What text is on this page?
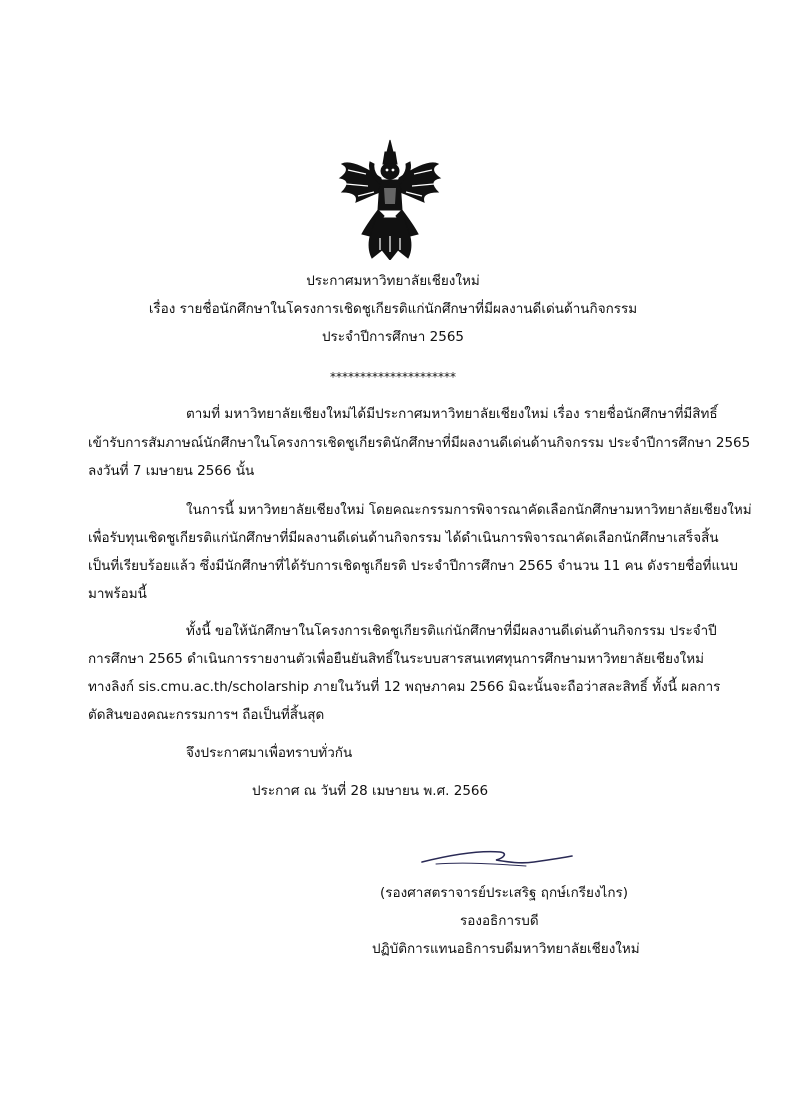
ประกาศมหาวิทยาลัยเชียงใหม่
เรื่อง รายชื่อนักศึกษาในโครงการเชิดชูเกียรติแก่นักศึกษาที่มีผลงานดีเด่นด้านกิจกรรม
ประจำปีการศึกษา 2565
*********************
ตามที่ มหาวิทยาลัยเชียงใหม่ได้มีประกาศมหาวิทยาลัยเชียงใหม่ เรื่อง รายชื่อนักศึกษาที่มีสิทธิ์
เข้ารับการสัมภาษณ์นักศึกษาในโครงการเชิดชูเกียรตินักศึกษาที่มีผลงานดีเด่นด้านกิจกรรม ประจำปีการศึกษา 2565
ลงวันที่ 7 เมษายน 2566 นั้น
ในการนี้ มหาวิทยาลัยเชียงใหม่ โดยคณะกรรมการพิจารณาคัดเลือกนักศึกษามหาวิทยาลัยเชียงใหม่
เพื่อรับทุนเชิดชูเกียรติแก่นักศึกษาที่มีผลงานดีเด่นด้านกิจกรรม ได้ดำเนินการพิจารณาคัดเลือกนักศึกษาเสร็จสิ้น
เป็นที่เรียบร้อยแล้ว ซึ่งมีนักศึกษาที่ได้รับการเชิดชูเกียรติ ประจำปีการศึกษา 2565 จำนวน 11 คน ดังรายชื่อที่แนบ
มาพร้อมนี้
ทั้งนี้ ขอให้นักศึกษาในโครงการเชิดชูเกียรติแก่นักศึกษาที่มีผลงานดีเด่นด้านกิจกรรม ประจำปี
การศึกษา 2565 ดำเนินการรายงานตัวเพื่อยืนยันสิทธิ์ในระบบสารสนเทศทุนการศึกษามหาวิทยาลัยเชียงใหม่
ทางลิงก์ sis.cmu.ac.th/scholarship ภายในวันที่ 12 พฤษภาคม 2566 มิฉะนั้นจะถือว่าสละสิทธิ์ ทั้งนี้ ผลการ
ตัดสินของคณะกรรมการฯ ถือเป็นที่สิ้นสุด
จึงประกาศมาเพื่อทราบทั่วกัน
ประกาศ ณ วันที่ 28 เมษายน พ.ศ. 2566
(รองศาสตราจารย์ประเสริฐ ฤกษ์เกรียงไกร)
รองอธิการบดี
ปฏิบัติการแทนอธิการบดีมหาวิทยาลัยเชียงใหม่
